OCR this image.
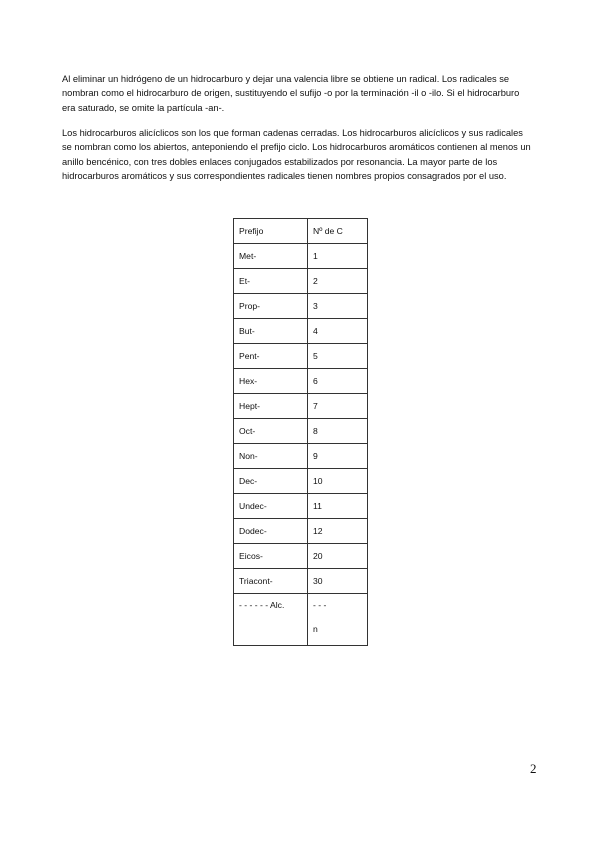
Al eliminar un hidrógeno de un hidrocarburo y dejar una valencia libre se obtiene un radical. Los radicales se nombran como el hidrocarburo de origen, sustituyendo el sufijo -o por la terminación -il o -ilo. Si el hidrocarburo era saturado, se omite la partícula -an-.

Los hidrocarburos alicíclicos son los que forman cadenas cerradas. Los hidrocarburos alicíclicos y sus radicales se nombran como los abiertos, anteponiendo el prefijo ciclo. Los hidrocarburos aromáticos contienen al menos un anillo bencénico, con tres dobles enlaces conjugados estabilizados por resonancia. La mayor parte de los hidrocarburos aromáticos y sus correspondientes radicales tienen nombres propios consagrados por el uso.

Prefijo	Nº de C
Met-	1
Et-	2
Prop-	3
But-	4
Pent-	5
Hex-	6
Hept-	7
Oct-	8
Non-	9
Dec-	10
Undec-	11
Dodec-	12
Eicos-	20
Triacont-	30
- - - - - - Alc.	- - -
n
2
